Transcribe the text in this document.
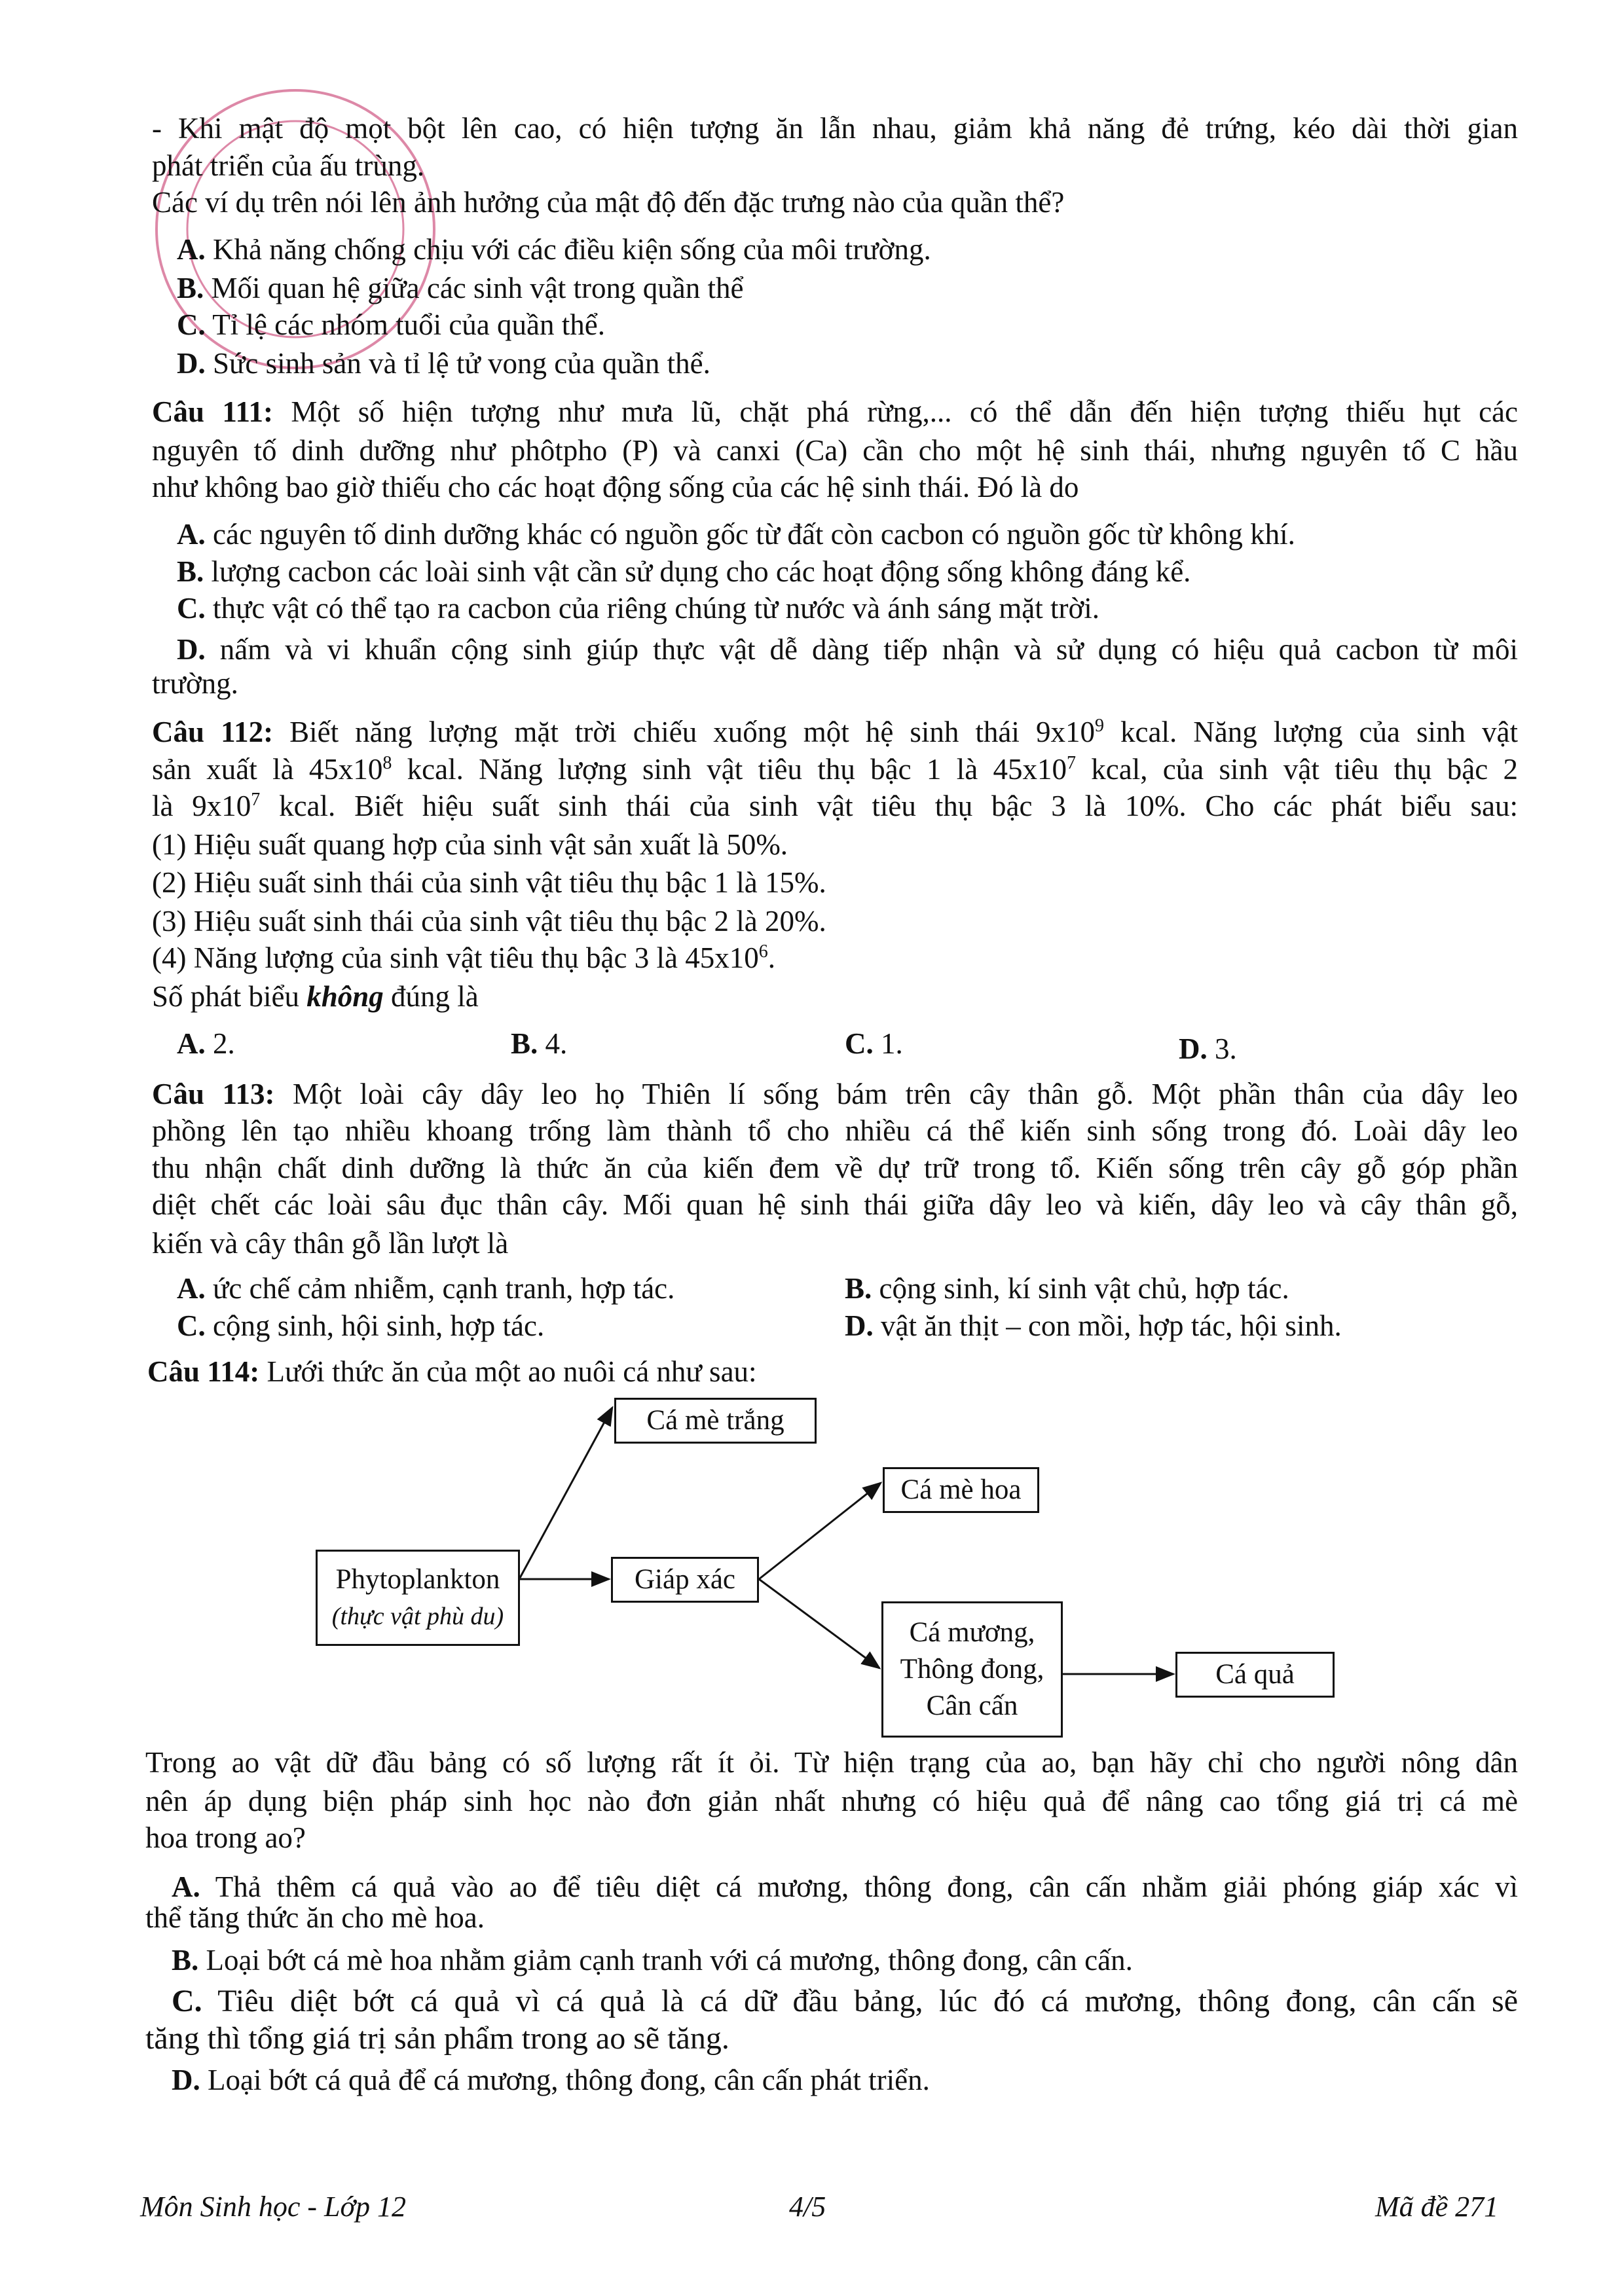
- Khi mật độ mọt bột lên cao, có hiện tượng ăn lẫn nhau, giảm khả năng đẻ trứng, kéo dài thời gian
phát triển của ấu trùng.
Các ví dụ trên nói lên ảnh hưởng của mật độ đến đặc trưng nào của quần thể?
A. Khả năng chống chịu với các điều kiện sống của môi trường.
B. Mối quan hệ giữa các sinh vật trong quần thể
C. Tỉ lệ các nhóm tuổi của quần thể.
D. Sức sinh sản và tỉ lệ tử vong của quần thể.
Câu 111: Một số hiện tượng như mưa lũ, chặt phá rừng,... có thể dẫn đến hiện tượng thiếu hụt các
nguyên tố dinh dưỡng như phôtpho (P) và canxi (Ca) cần cho một hệ sinh thái, nhưng nguyên tố C hầu
như không bao giờ thiếu cho các hoạt động sống của các hệ sinh thái. Đó là do
A. các nguyên tố dinh dưỡng khác có nguồn gốc từ đất còn cacbon có nguồn gốc từ không khí.
B. lượng cacbon các loài sinh vật cần sử dụng cho các hoạt động sống không đáng kể.
C. thực vật có thể tạo ra cacbon của riêng chúng từ nước và ánh sáng mặt trời.
D. nấm và vi khuẩn cộng sinh giúp thực vật dễ dàng tiếp nhận và sử dụng có hiệu quả cacbon từ môi
trường.
Câu 112: Biết năng lượng mặt trời chiếu xuống một hệ sinh thái $9x10^9$ kcal. Năng lượng của sinh vật
sản xuất là $45x10^8$ kcal. Năng lượng sinh vật tiêu thụ bậc 1 là $45x10^7$ kcal, của sinh vật tiêu thụ bậc 2
là $9x10^7$ kcal. Biết hiệu suất sinh thái của sinh vật tiêu thụ bậc 3 là 10%. Cho các phát biểu sau:
(1) Hiệu suất quang hợp của sinh vật sản xuất là 50%.
(2) Hiệu suất sinh thái của sinh vật tiêu thụ bậc 1 là 15%.
(3) Hiệu suất sinh thái của sinh vật tiêu thụ bậc 2 là 20%.
(4) Năng lượng của sinh vật tiêu thụ bậc 3 là $45x10^6$.
Số phát biểu không đúng là
A. 2.	B. 4.	C. 1.	D. 3.
Câu 113: Một loài cây dây leo họ Thiên lí sống bám trên cây thân gỗ. Một phần thân của dây leo
phồng lên tạo nhiều khoang trống làm thành tổ cho nhiều cá thể kiến sinh sống trong đó. Loài dây leo
thu nhận chất dinh dưỡng là thức ăn của kiến đem về dự trữ trong tổ. Kiến sống trên cây gỗ góp phần
diệt chết các loài sâu đục thân cây. Mối quan hệ sinh thái giữa dây leo và kiến, dây leo và cây thân gỗ,
kiến và cây thân gỗ lần lượt là
A. ức chế cảm nhiễm, cạnh tranh, hợp tác.	B. cộng sinh, kí sinh vật chủ, hợp tác.
C. cộng sinh, hội sinh, hợp tác.	D. vật ăn thịt – con mồi, hợp tác, hội sinh.
Câu 114: Lưới thức ăn của một ao nuôi cá như sau:
Phytoplankton
(thực vật phù du)
Cá mè trắng
Giáp xác
Cá mè hoa
Cá mương,
Thông đong,
Cân cấn
Cá quả
Trong ao vật dữ đầu bảng có số lượng rất ít ỏi. Từ hiện trạng của ao, bạn hãy chỉ cho người nông dân
nên áp dụng biện pháp sinh học nào đơn giản nhất nhưng có hiệu quả để nâng cao tổng giá trị cá mè
hoa trong ao?
A. Thả thêm cá quả vào ao để tiêu diệt cá mương, thông đong, cân cấn nhằm giải phóng giáp xác vì
thể tăng thức ăn cho mè hoa.
B. Loại bớt cá mè hoa nhằm giảm cạnh tranh với cá mương, thông đong, cân cấn.
C. Tiêu diệt bớt cá quả vì cá quả là cá dữ đầu bảng, lúc đó cá mương, thông đong, cân cấn sẽ
tăng thì tổng giá trị sản phẩm trong ao sẽ tăng.
D. Loại bớt cá quả để cá mương, thông đong, cân cấn phát triển.
Môn Sinh học - Lớp 12	4/5	Mã đề 271
